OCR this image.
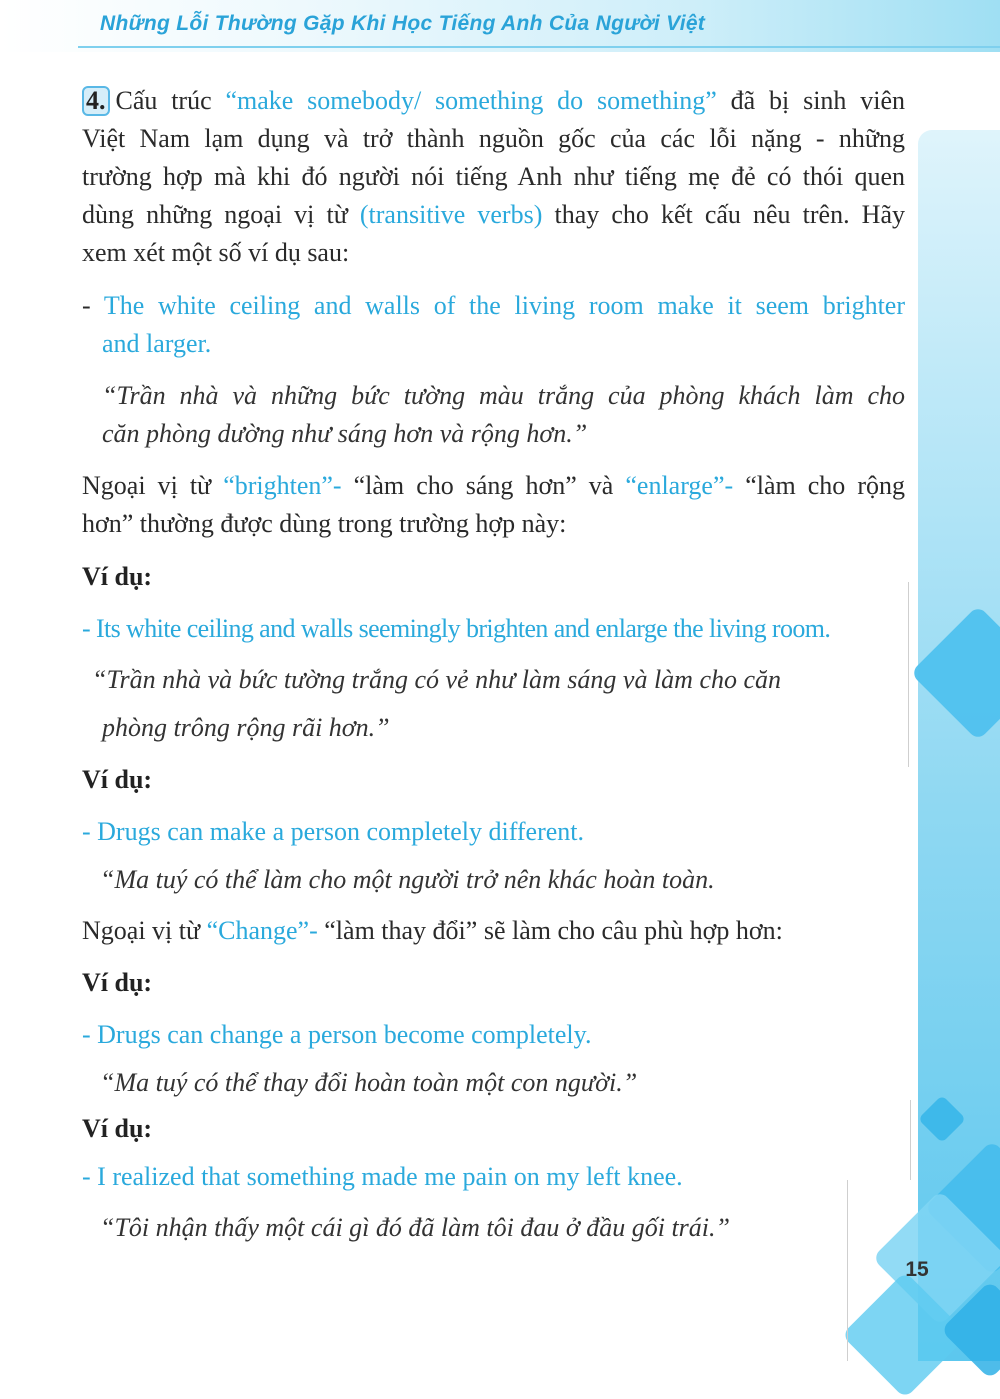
Những Lỗi Thường Gặp Khi Học Tiếng Anh Của Người Việt
15
4. Cấu trúc “make somebody/ something do something” đã bị sinh viên
Việt Nam lạm dụng và trở thành nguồn gốc của các lỗi nặng - những
trường hợp mà khi đó người nói tiếng Anh như tiếng mẹ đẻ có thói quen
dùng những ngoại vị từ (transitive verbs) thay cho kết cấu nêu trên. Hãy
xem xét một số ví dụ sau:
- The white ceiling and walls of the living room make it seem brighter
and larger.
“Trần nhà và những bức tường màu trắng của phòng khách làm cho
căn phòng dường như sáng hơn và rộng hơn.”
Ngoại vị từ “brighten”- “làm cho sáng hơn” và “enlarge”- “làm cho rộng
hơn” thường được dùng trong trường hợp này:
Ví dụ:
- Its white ceiling and walls seemingly brighten and enlarge the living room.
“Trần nhà và bức tường trắng có vẻ như làm sáng và làm cho căn
phòng trông rộng rãi hơn.”
Ví dụ:
- Drugs can make a person completely different.
“Ma tuý có thể làm cho một người trở nên khác hoàn toàn.
Ngoại vị từ “Change”- “làm thay đổi” sẽ làm cho câu phù hợp hơn:
Ví dụ:
- Drugs can change a person become completely.
“Ma tuý có thể thay đổi hoàn toàn một con người.”
Ví dụ:
- I realized that something made me pain on my left knee.
“Tôi nhận thấy một cái gì đó đã làm tôi đau ở đầu gối trái.”
